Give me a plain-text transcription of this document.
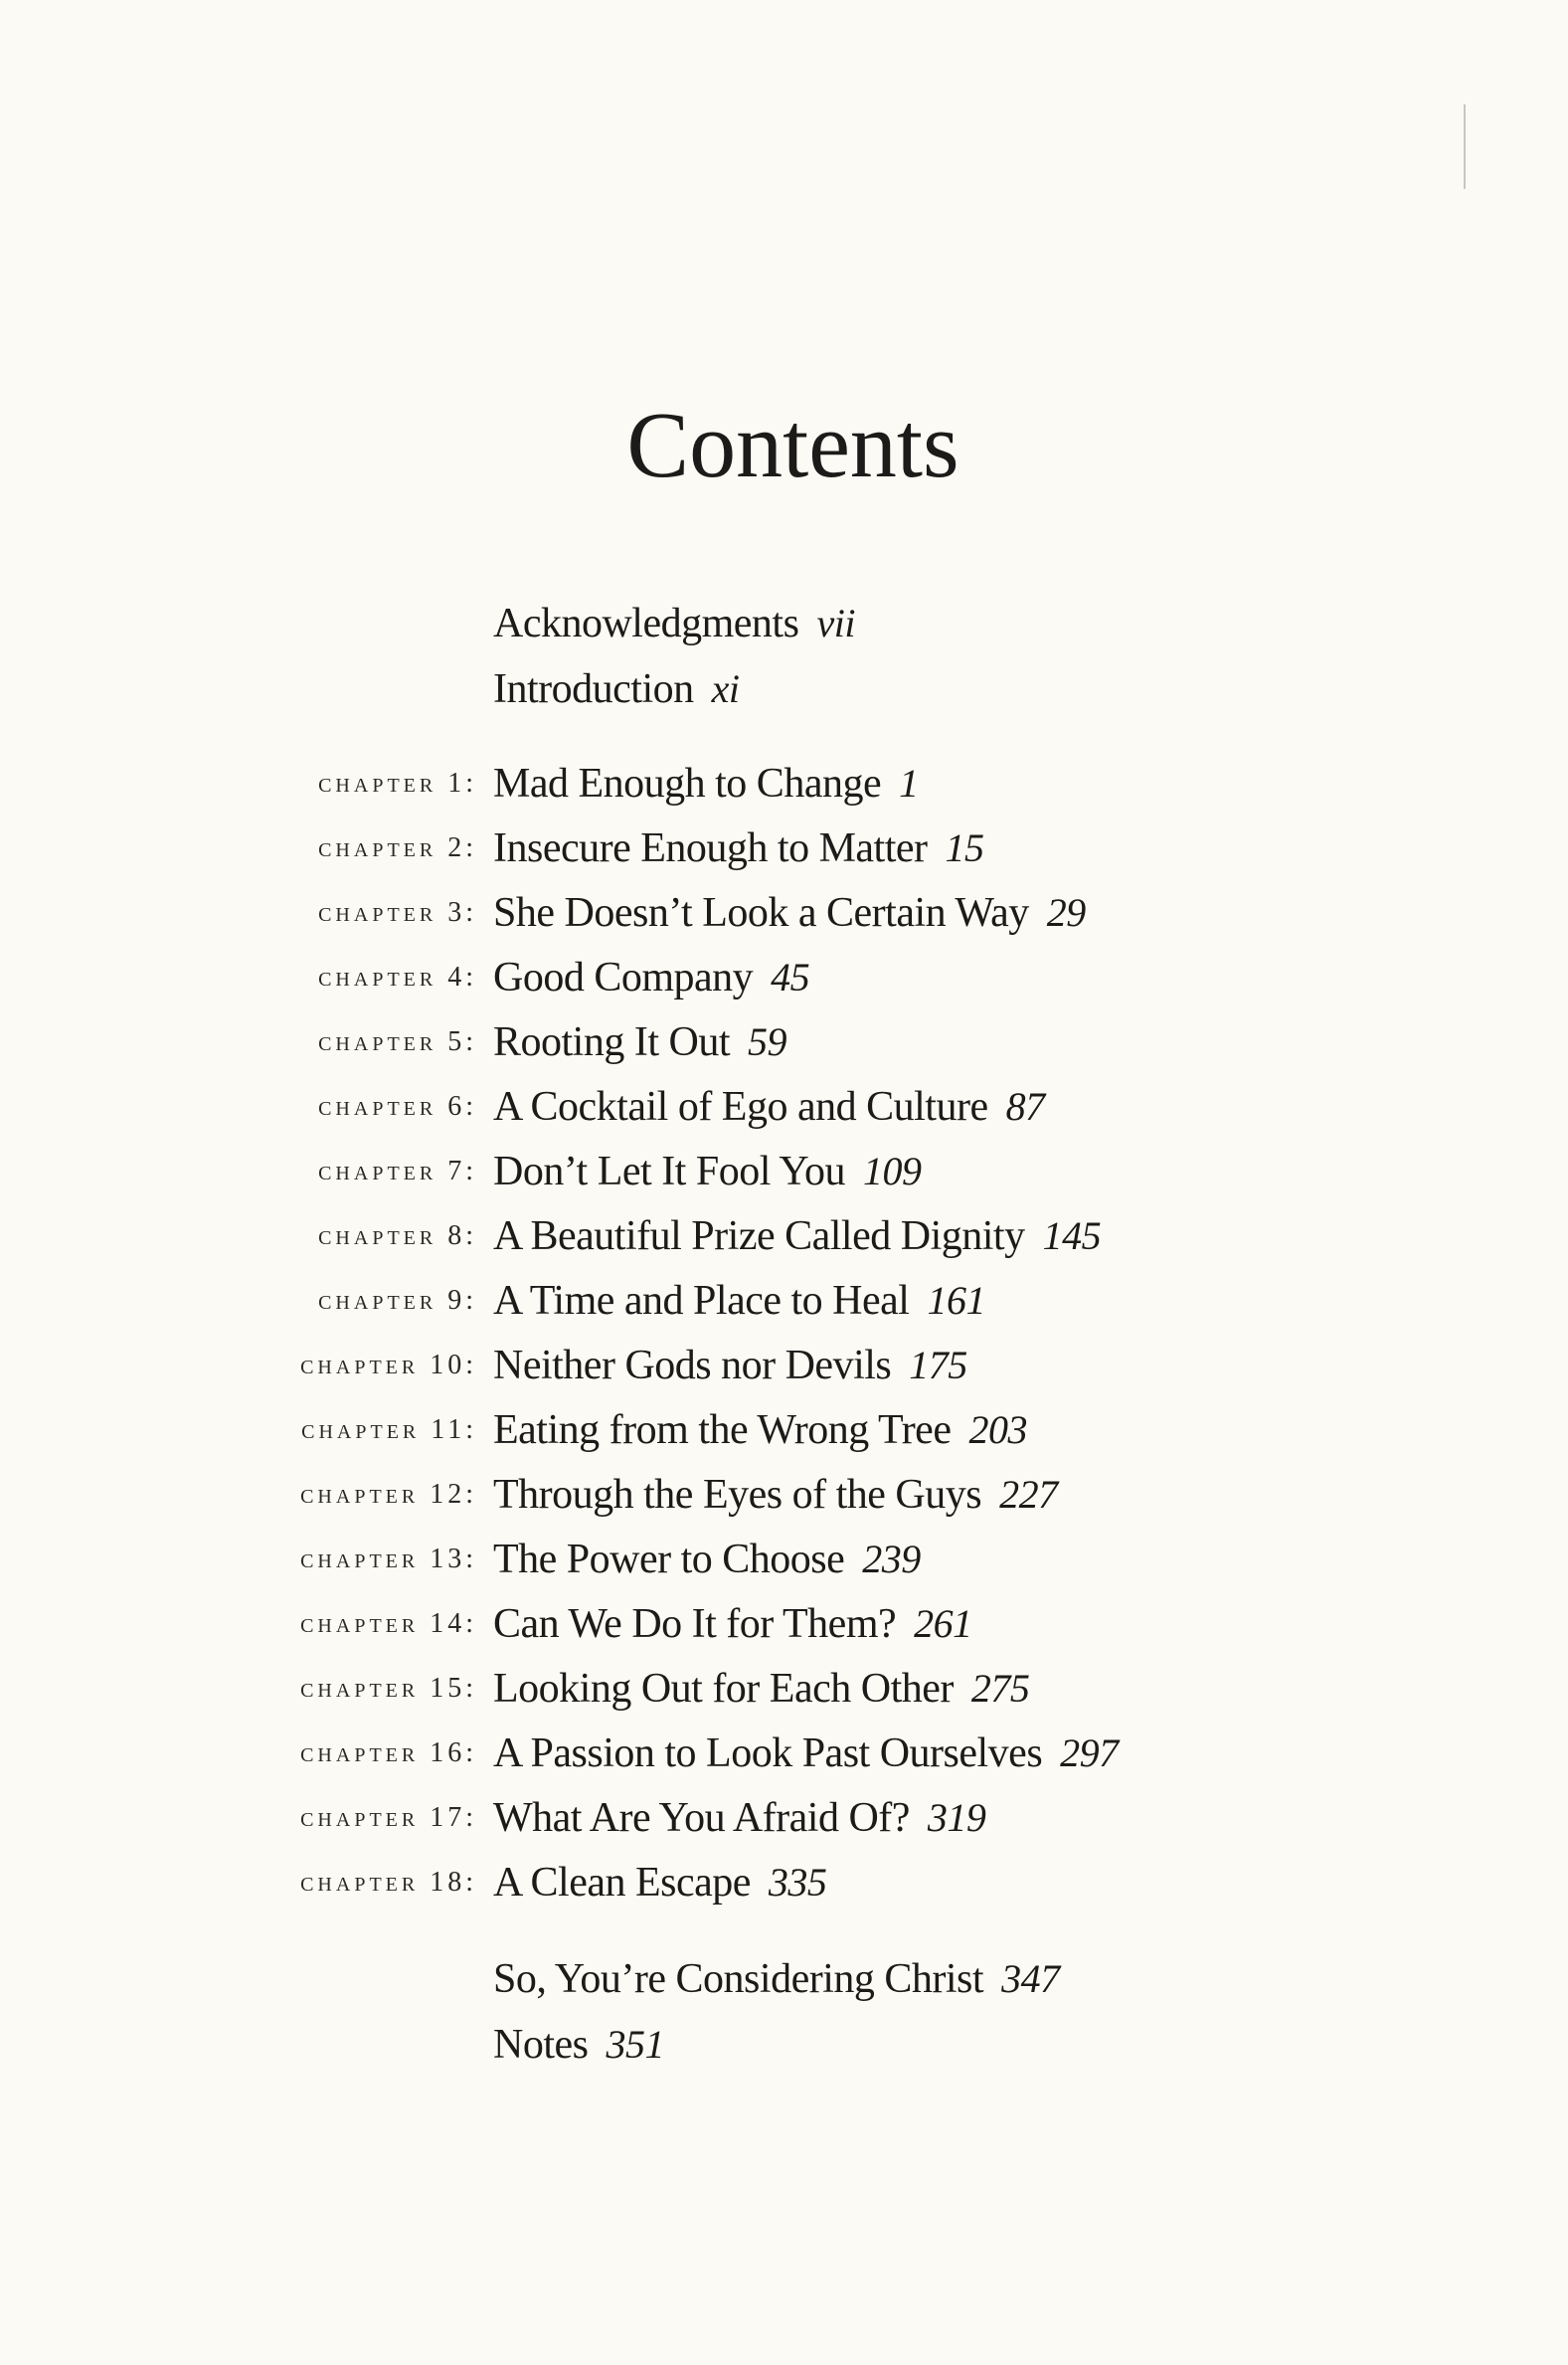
Contents
Acknowledgments vii
Introduction xi
chapter 1: Mad Enough to Change 1
chapter 2: Insecure Enough to Matter 15
chapter 3: She Doesn’t Look a Certain Way 29
chapter 4: Good Company 45
chapter 5: Rooting It Out 59
chapter 6: A Cocktail of Ego and Culture 87
chapter 7: Don’t Let It Fool You 109
chapter 8: A Beautiful Prize Called Dignity 145
chapter 9: A Time and Place to Heal 161
chapter 10: Neither Gods nor Devils 175
chapter 11: Eating from the Wrong Tree 203
chapter 12: Through the Eyes of the Guys 227
chapter 13: The Power to Choose 239
chapter 14: Can We Do It for Them? 261
chapter 15: Looking Out for Each Other 275
chapter 16: A Passion to Look Past Ourselves 297
chapter 17: What Are You Afraid Of? 319
chapter 18: A Clean Escape 335
So, You’re Considering Christ 347
Notes 351
